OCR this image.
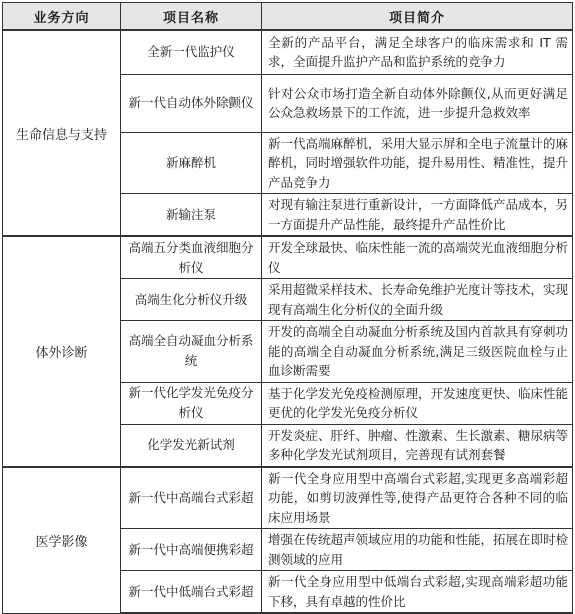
业务方向	项目名称	项目简介
生命信息与支持	全新一代监护仪	全新的产品平台，满足全球客户的临床需求和 IT 需求，全面提升监护产品和监护系统的竞争力
	新一代自动体外除颤仪	针对公众市场打造全新自动体外除颤仪,从而更好满足公众急救场景下的工作流，进一步提升急救效率
	新麻醉机	新一代高端麻醉机，采用大显示屏和全电子流量计的麻醉机，同时增强软件功能，提升易用性、精准性，提升产品竞争力
	新输注泵	对现有输注泵进行重新设计，一方面降低产品成本，另一方面提升产品性能，最终提升产品性价比
体外诊断	高端五分类血液细胞分析仪	开发全球最快、临床性能一流的高端荧光血液细胞分析仪
	高端生化分析仪升级	采用超微采样技术、长寿命免维护光度计等技术，实现现有高端生化分析仪的全面升级
	高端全自动凝血分析系统	开发的高端全自动凝血分析系统及国内首款具有穿刺功能的高端全自动凝血分析系统,满足三级医院血栓与止血诊断需要
	新一代化学发光免疫分析仪	基于化学发光免疫检测原理，开发速度更快、临床性能更优的化学发光免疫分析仪
	化学发光新试剂	开发炎症、肝纤、肿瘤、性激素、生长激素、糖尿病等多种化学发光试剂项目，完善现有试剂套餐
医学影像	新一代中高端台式彩超	新一代全身应用型中高端台式彩超,实现更多高端彩超功能，如剪切波弹性等,使得产品更符合各种不同的临床应用场景
	新一代中高端便携彩超	增强在传统超声领域应用的功能和性能，拓展在即时检测领域的应用
	新一代中低端台式彩超	新一代全身应用型中低端台式彩超,实现高端彩超功能下移，具有卓越的性价比
